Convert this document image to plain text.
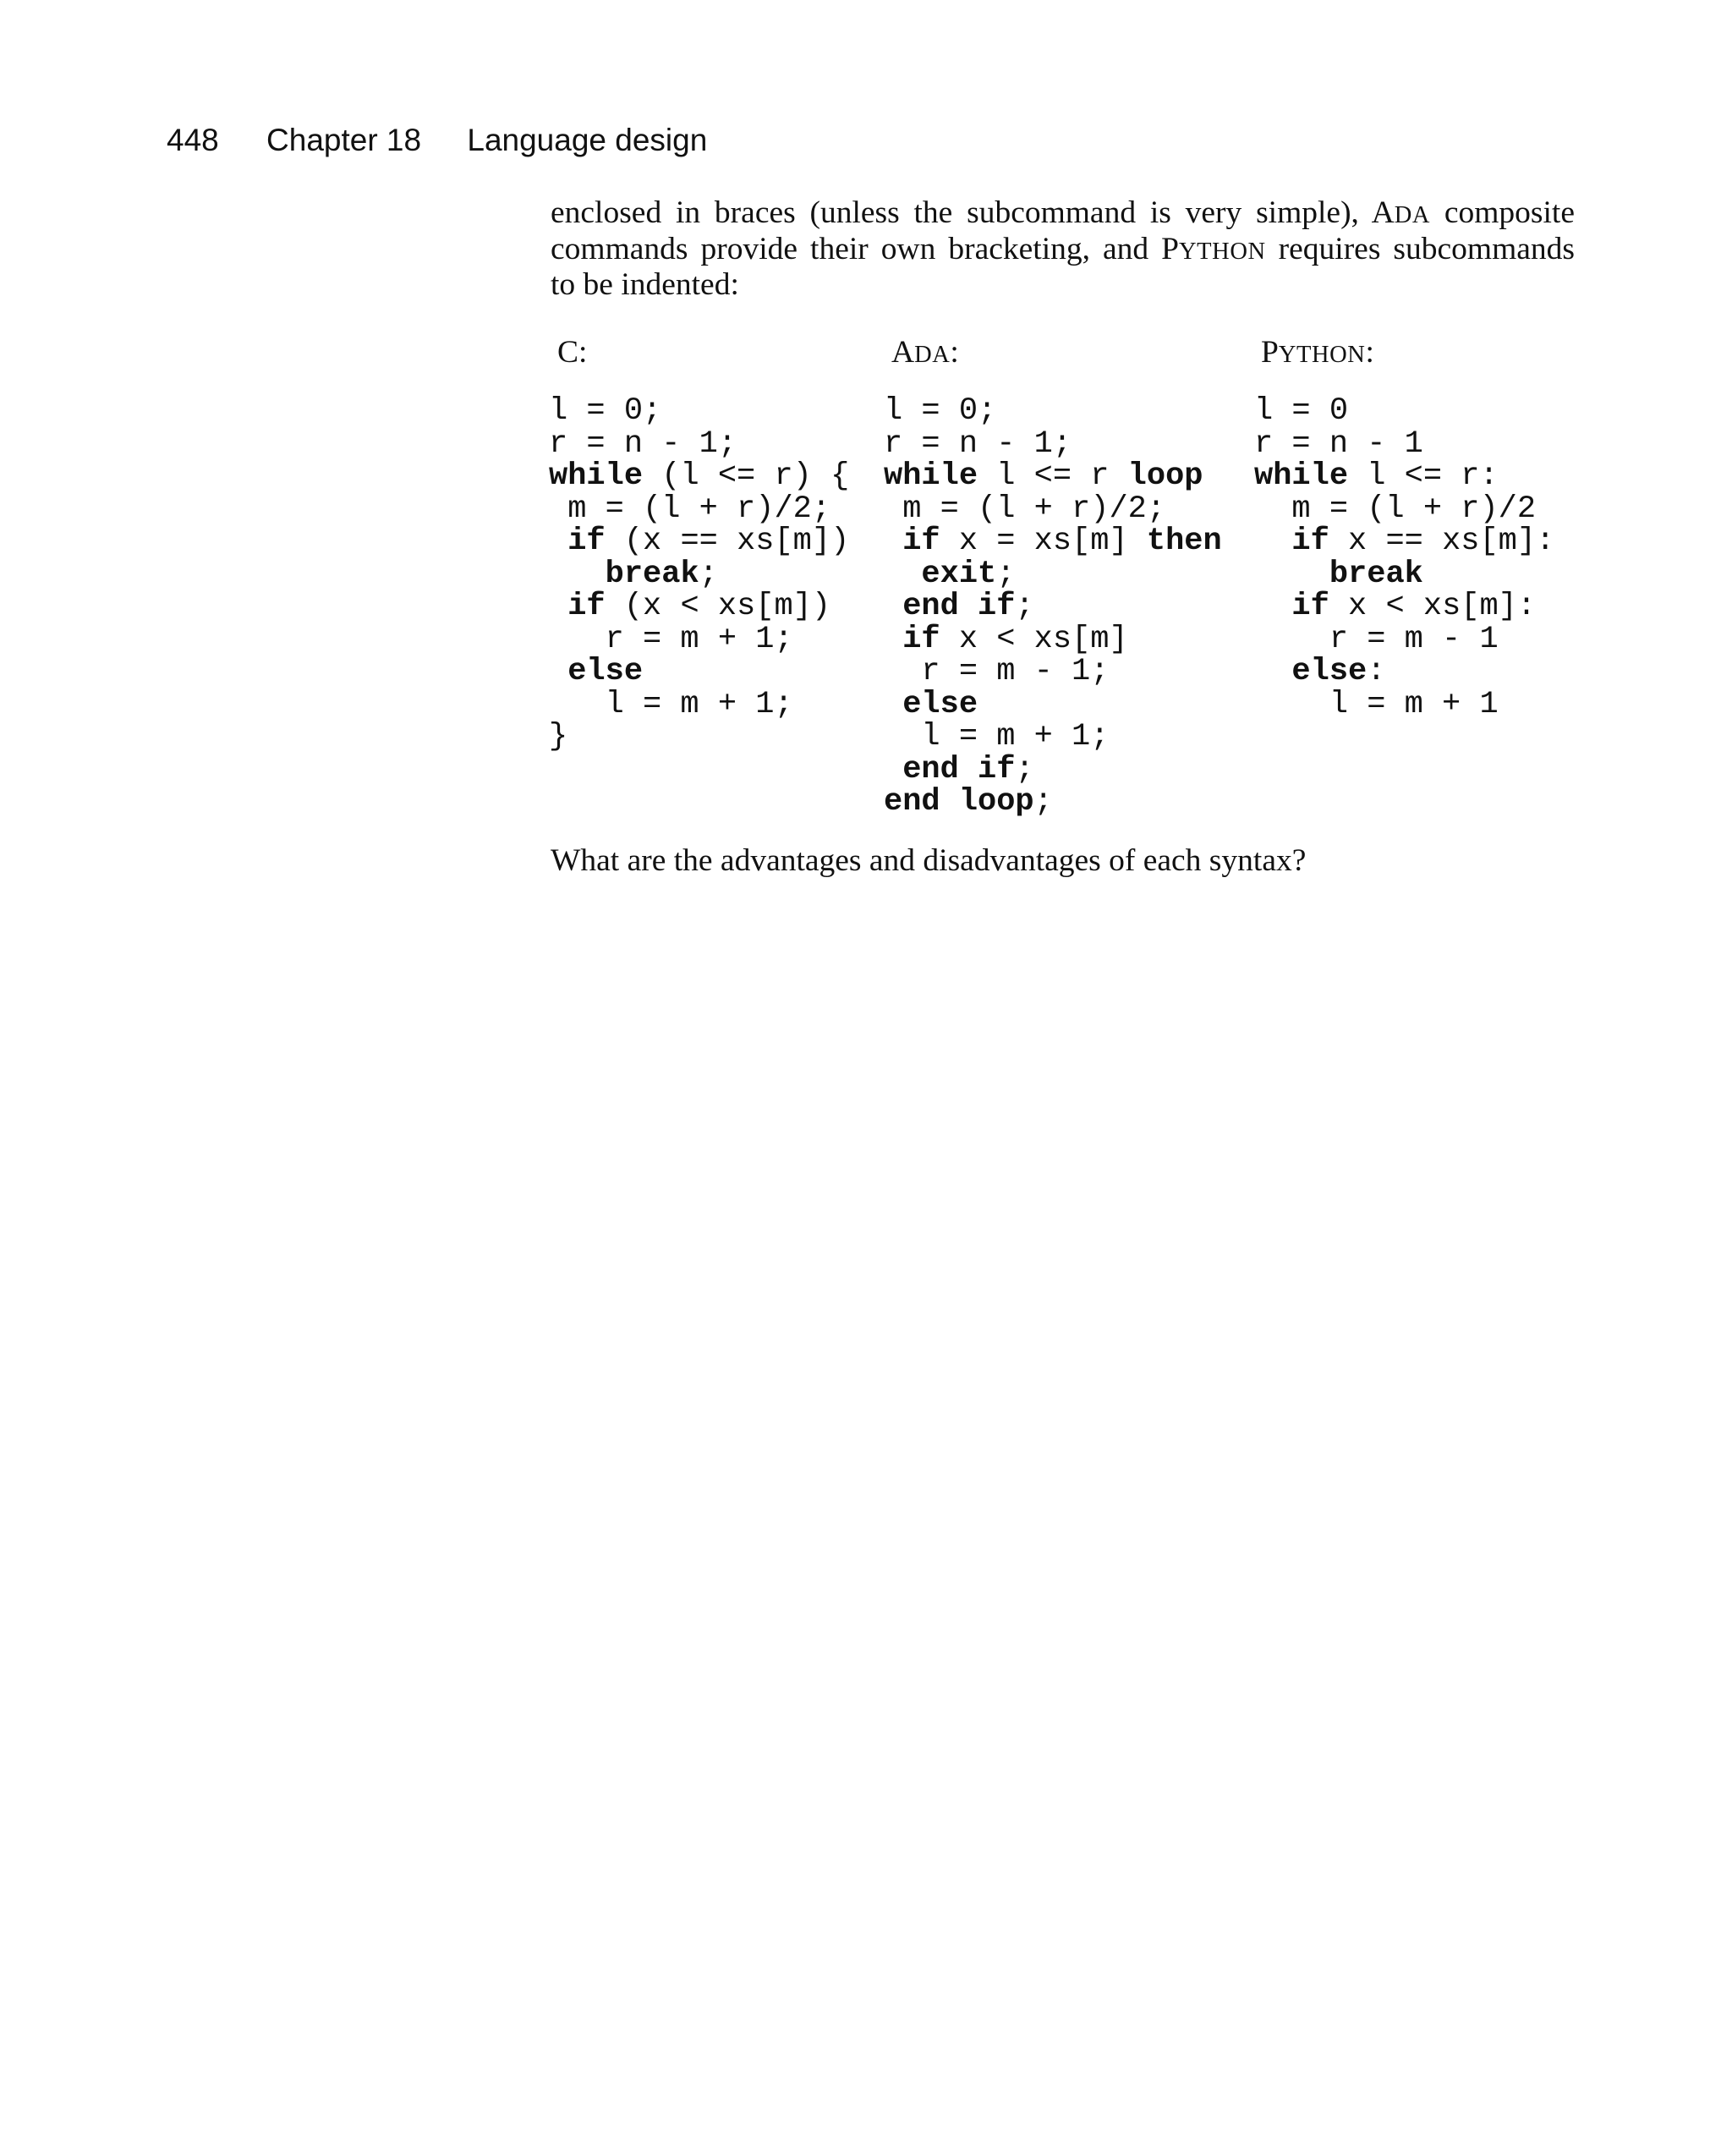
448 Chapter 18 Language design
enclosed in braces (unless the subcommand is very simple), ADA composite
commands provide their own bracketing, and PYTHON requires subcommands
to be indented:
C:	ADA:	PYTHON:
l = 0;
r = n - 1;
while (l <= r) {
m = (l + r)/2;
if (x == xs[m])
break;
if (x < xs[m])
r = m + 1;
else
l = m + 1;
}
l = 0;
r = n - 1;
while l <= r loop
m = (l + r)/2;
if x = xs[m] then
exit;
end if;
if x < xs[m]
r = m - 1;
else
l = m + 1;
end if;
end loop;
l = 0
r = n - 1
while l <= r:
m = (l + r)/2
if x == xs[m]:
break
if x < xs[m]:
r = m - 1
else:
l = m + 1
What are the advantages and disadvantages of each syntax?
